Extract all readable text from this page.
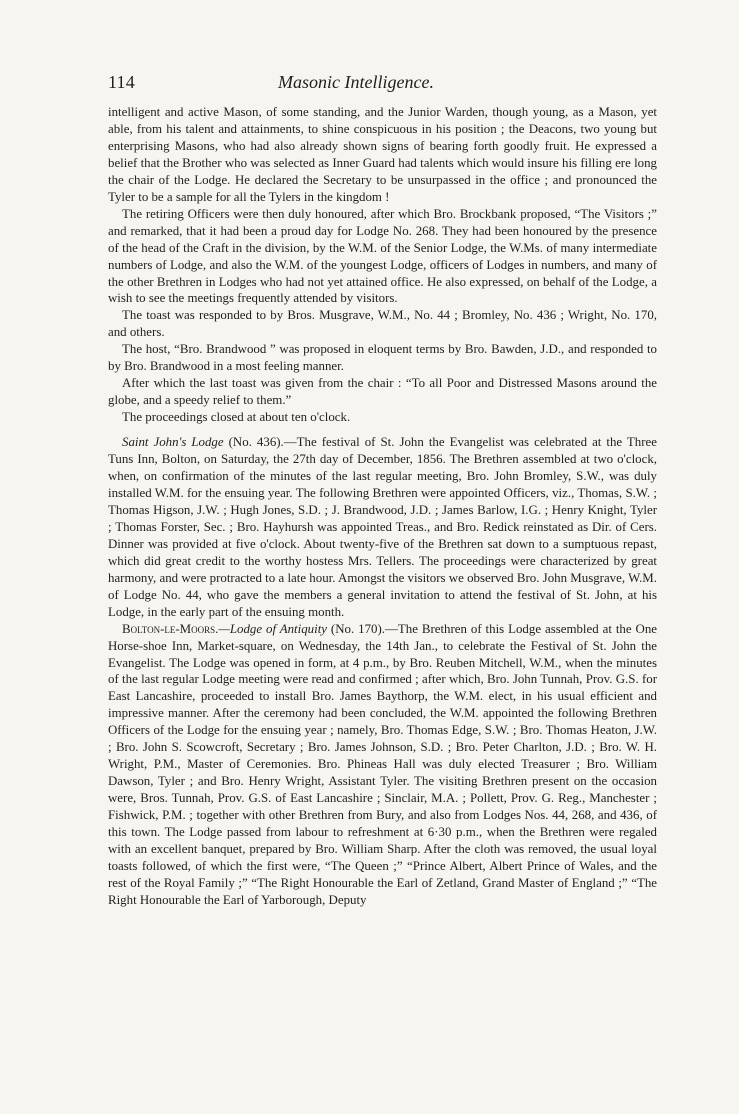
114	Masonic Intelligence.

intelligent and active Mason, of some standing, and the Junior Warden, though young, as a Mason, yet able, from his talent and attainments, to shine conspicuous in his position ; the Deacons, two young but enterprising Masons, who had also already shown signs of bearing forth goodly fruit. He expressed a belief that the Brother who was selected as Inner Guard had talents which would insure his filling ere long the chair of the Lodge. He declared the Secretary to be unsurpassed in the office ; and pronounced the Tyler to be a sample for all the Tylers in the kingdom !

The retiring Officers were then duly honoured, after which Bro. Brockbank proposed, “The Visitors ;” and remarked, that it had been a proud day for Lodge No. 268. They had been honoured by the presence of the head of the Craft in the division, by the W.M. of the Senior Lodge, the W.Ms. of many intermediate numbers of Lodge, and also the W.M. of the youngest Lodge, officers of Lodges in numbers, and many of the other Brethren in Lodges who had not yet attained office. He also expressed, on behalf of the Lodge, a wish to see the meetings frequently attended by visitors.

The toast was responded to by Bros. Musgrave, W.M., No. 44 ; Bromley, No. 436 ; Wright, No. 170, and others.

The host, “Bro. Brandwood ” was proposed in eloquent terms by Bro. Bawden, J.D., and responded to by Bro. Brandwood in a most feeling manner.

After which the last toast was given from the chair : “To all Poor and Distressed Masons around the globe, and a speedy relief to them.”

The proceedings closed at about ten o'clock.

Saint John's Lodge (No. 436).—The festival of St. John the Evangelist was celebrated at the Three Tuns Inn, Bolton, on Saturday, the 27th day of December, 1856. The Brethren assembled at two o'clock, when, on confirmation of the minutes of the last regular meeting, Bro. John Bromley, S.W., was duly installed W.M. for the ensuing year. The following Brethren were appointed Officers, viz., Thomas, S.W. ; Thomas Higson, J.W. ; Hugh Jones, S.D. ; J. Brandwood, J.D. ; James Barlow, I.G. ; Henry Knight, Tyler ; Thomas Forster, Sec. ; Bro. Hayhursh was appointed Treas., and Bro. Redick reinstated as Dir. of Cers. Dinner was provided at five o'clock. About twenty-five of the Brethren sat down to a sumptuous repast, which did great credit to the worthy hostess Mrs. Tellers. The proceedings were characterized by great harmony, and were protracted to a late hour. Amongst the visitors we observed Bro. John Musgrave, W.M. of Lodge No. 44, who gave the members a general invitation to attend the festival of St. John, at his Lodge, in the early part of the ensuing month.

Bolton-le-Moors.—Lodge of Antiquity (No. 170).—The Brethren of this Lodge assembled at the One Horse-shoe Inn, Market-square, on Wednesday, the 14th Jan., to celebrate the Festival of St. John the Evangelist. The Lodge was opened in form, at 4 p.m., by Bro. Reuben Mitchell, W.M., when the minutes of the last regular Lodge meeting were read and confirmed ; after which, Bro. John Tunnah, Prov. G.S. for East Lancashire, proceeded to install Bro. James Baythorp, the W.M. elect, in his usual efficient and impressive manner. After the ceremony had been concluded, the W.M. appointed the following Brethren Officers of the Lodge for the ensuing year ; namely, Bro. Thomas Edge, S.W. ; Bro. Thomas Heaton, J.W. ; Bro. John S. Scowcroft, Secretary ; Bro. James Johnson, S.D. ; Bro. Peter Charlton, J.D. ; Bro. W. H. Wright, P.M., Master of Ceremonies. Bro. Phineas Hall was duly elected Treasurer ; Bro. William Dawson, Tyler ; and Bro. Henry Wright, Assistant Tyler. The visiting Brethren present on the occasion were, Bros. Tunnah, Prov. G.S. of East Lancashire ; Sinclair, M.A. ; Pollett, Prov. G. Reg., Manchester ; Fishwick, P.M. ; together with other Brethren from Bury, and also from Lodges Nos. 44, 268, and 436, of this town. The Lodge passed from labour to refreshment at 6·30 p.m., when the Brethren were regaled with an excellent banquet, prepared by Bro. William Sharp. After the cloth was removed, the usual loyal toasts followed, of which the first were, “The Queen ;” “Prince Albert, Albert Prince of Wales, and the rest of the Royal Family ;” “The Right Honourable the Earl of Zetland, Grand Master of England ;” “The Right Honourable the Earl of Yarborough, Deputy
